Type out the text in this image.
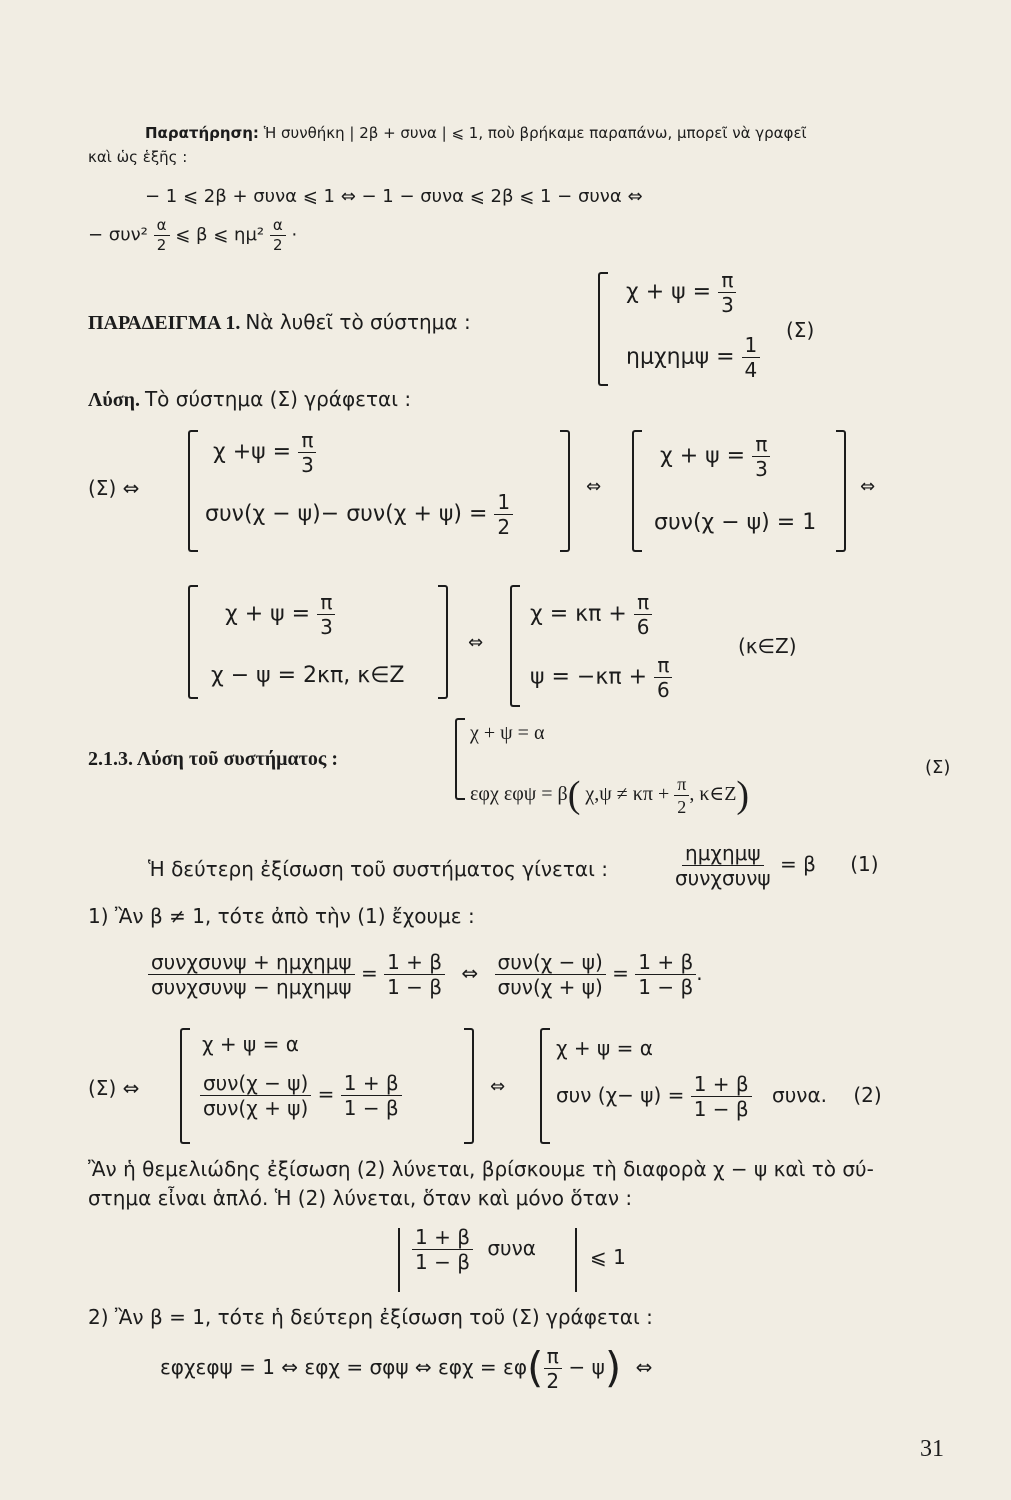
Παρατήρηση: Ἡ συνθήκη | 2β + συνα | ⩽ 1, ποὺ βρήκαμε παραπάνω, μπορεῖ νὰ γραφεῖ
καὶ ὡς ἑξῆς :
− 1 ⩽ 2β + συνα ⩽ 1 ⇔ − 1 − συνα ⩽ 2β ⩽ 1 − συνα ⇔
− $\sigma\upsilon\nu^2 \frac{\alpha}{2}$ ⩽ β ⩽ $\eta\mu^2 \frac{\alpha}{2}$ ·
ΠΑΡΑΔΕΙΓΜΑ 1. Νὰ λυθεῖ τὸ σύστημα :
$\chi + \psi = \frac{\pi}{3}$
$\eta\mu\chi\eta\mu\psi = \frac{1}{4}$
(Σ)
Λύση. Τὸ σύστημα (Σ) γράφεται :
(Σ) ⇔
$\chi +\psi = \frac{\pi}{3}$
$\sigma\upsilon\nu(\chi - \psi)- \sigma\upsilon\nu(\chi + \psi) = \frac{1}{2}$
⇔
$\chi + \psi = \frac{\pi}{3}$
συν(χ − ψ) = 1
⇔
$\chi + \psi = \frac{\pi}{3}$
χ − ψ = 2κπ, κ∈Z
⇔
$\chi = \kappa\pi + \frac{\pi}{6}$
$\psi = -\kappa\pi + \frac{\pi}{6}$
(κ∈Z)
2.1.3. Λύση τοῦ συστήματος :
χ + ψ = α
εφχ εφψ = β( $\chi,\psi \ne \kappa\pi + \frac{\pi}{2}$ , κ∈Z)
(Σ)
Ἡ δεύτερη ἐξίσωση τοῦ συστήματος γίνεται :	$\frac{\text{ημχημψ}}{\text{συνχσυνψ}} = \beta$ (1)
1) Ἂν β ≠ 1, τότε ἀπὸ τὴν (1) ἔχουμε :
$\frac{\text{συνχσυνψ + ημχημψ}}{\text{συνχσυνψ − ημχημψ}} = \frac{1 + \beta}{1 - \beta}$ ⇔ $\frac{\text{συν(χ − ψ)}}{\text{συν(χ + ψ)}} = \frac{1 + \beta}{1 - \beta}$ .
(Σ) ⇔
χ + ψ = α
$\frac{\text{συν(χ − ψ)}}{\text{συν(χ + ψ)}} = \frac{1 + \beta}{1 - \beta}$	⇔
χ + ψ = α
συν $(\chi- \psi) = \frac{1 + \beta}{1 - \beta} \sigma\upsilon\nu\alpha$. (2)
Ἂν ἡ θεμελιώδης ἐξίσωση (2) λύνεται, βρίσκουμε τὴ διαφορὰ χ − ψ καὶ τὸ σύ-
στημα εἶναι ἁπλό. Ἡ (2) λύνεται, ὅταν καὶ μόνο ὅταν :
$\frac{1 + \beta}{1 - \beta}$ συνα	⩽ 1
2) Ἂν β = 1, τότε ἡ δεύτερη ἐξίσωση τοῦ (Σ) γράφεται :
εφχεφψ = 1 ⇔ εφχ = σφψ ⇔ $\varepsilon\varphi\chi = \varepsilon\varphi( \frac{\pi}{2} - \psi)$ ⇔
31
